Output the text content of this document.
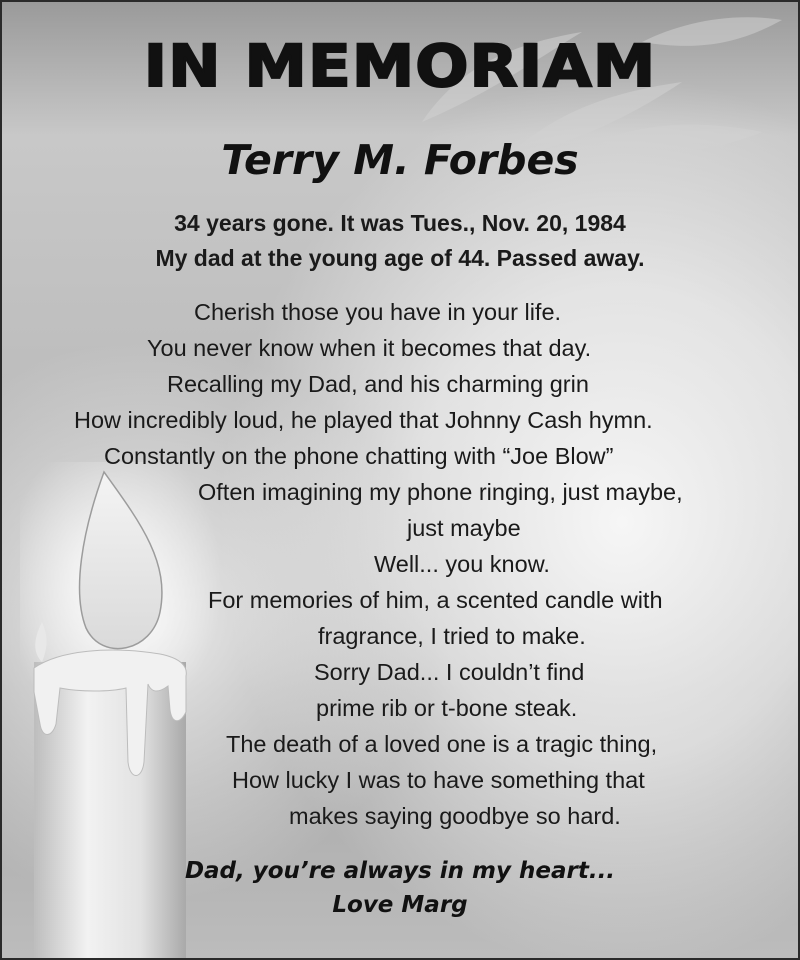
IN MEMORIAM
Terry M. Forbes
34 years gone. It was Tues., Nov. 20, 1984
My dad at the young age of 44. Passed away.
Cherish those you have in your life.
You never know when it becomes that day.
Recalling my Dad, and his charming grin
How incredibly loud, he played that Johnny Cash hymn.
Constantly on the phone chatting with “Joe Blow”
Often imagining my phone ringing, just maybe,
just maybe
Well... you know.
For memories of him, a scented candle with
fragrance, I tried to make.
Sorry Dad... I couldn’t find
prime rib or t-bone steak.
The death of a loved one is a tragic thing,
How lucky I was to have something that
makes saying goodbye so hard.
Dad, you’re always in my heart...
Love Marg
